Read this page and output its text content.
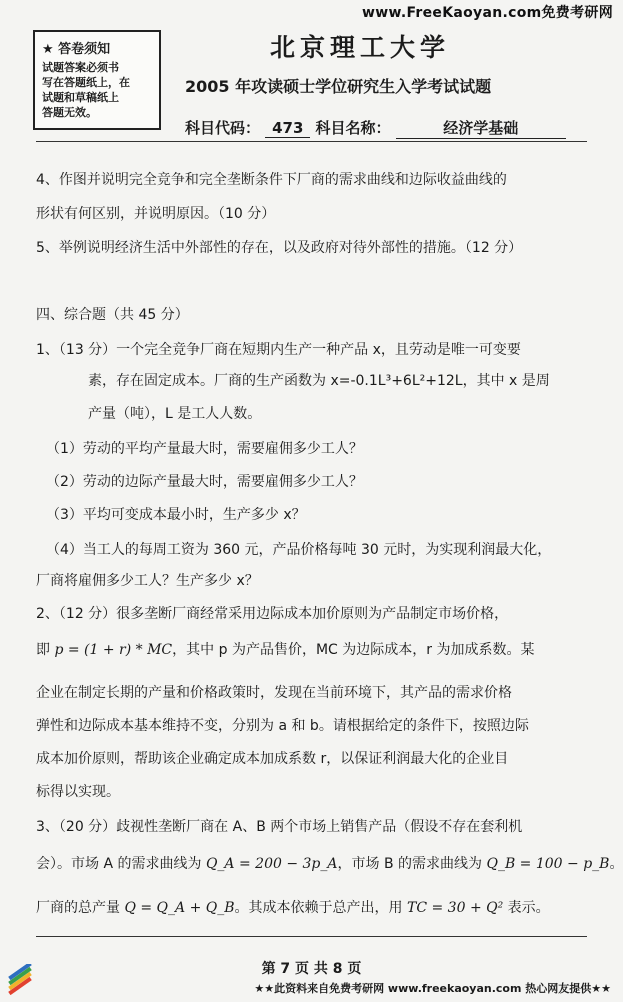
www.FreeKaoyan.com免费考研网
★ 答卷须知
试题答案必须书
写在答题纸上，在
试题和草稿纸上
答题无效。
北京理工大学
2005 年攻读硕士学位研究生入学考试试题
科目代码： 473 科目名称：	经济学基础
4、作图并说明完全竞争和完全垄断条件下厂商的需求曲线和边际收益曲线的
形状有何区别，并说明原因。（10 分）
5、举例说明经济生活中外部性的存在，以及政府对待外部性的措施。（12 分）
四、综合题（共 45 分）
1、（13 分）一个完全竞争厂商在短期内生产一种产品 x，且劳动是唯一可变要
素，存在固定成本。厂商的生产函数为 x=-0.1L³+6L²+12L，其中 x 是周
产量（吨），L 是工人人数。
（1）劳动的平均产量最大时，需要雇佣多少工人？
（2）劳动的边际产量最大时，需要雇佣多少工人？
（3）平均可变成本最小时，生产多少 x？
（4）当工人的每周工资为 360 元，产品价格每吨 30 元时，为实现利润最大化，
厂商将雇佣多少工人？生产多少 x？
2、（12 分）很多垄断厂商经常采用边际成本加价原则为产品制定市场价格，
即 p = (1 + r) * MC，其中 p 为产品售价，MC 为边际成本，r 为加成系数。某
企业在制定长期的产量和价格政策时，发现在当前环境下，其产品的需求价格
弹性和边际成本基本维持不变，分别为 a 和 b。请根据给定的条件下，按照边际
成本加价原则，帮助该企业确定成本加成系数 r，以保证利润最大化的企业目
标得以实现。
3、（20 分）歧视性垄断厂商在 A、B 两个市场上销售产品（假设不存在套利机
会）。市场 A 的需求曲线为 Q_A = 200 − 3p_A，市场 B 的需求曲线为 Q_B = 100 − p_B。
厂商的总产量 Q = Q_A + Q_B。其成本依赖于总产出，用 TC = 30 + Q² 表示。
第 7 页 共 8 页
★★此资料来自免费考研网 www.freekaoyan.com 热心网友提供★★
